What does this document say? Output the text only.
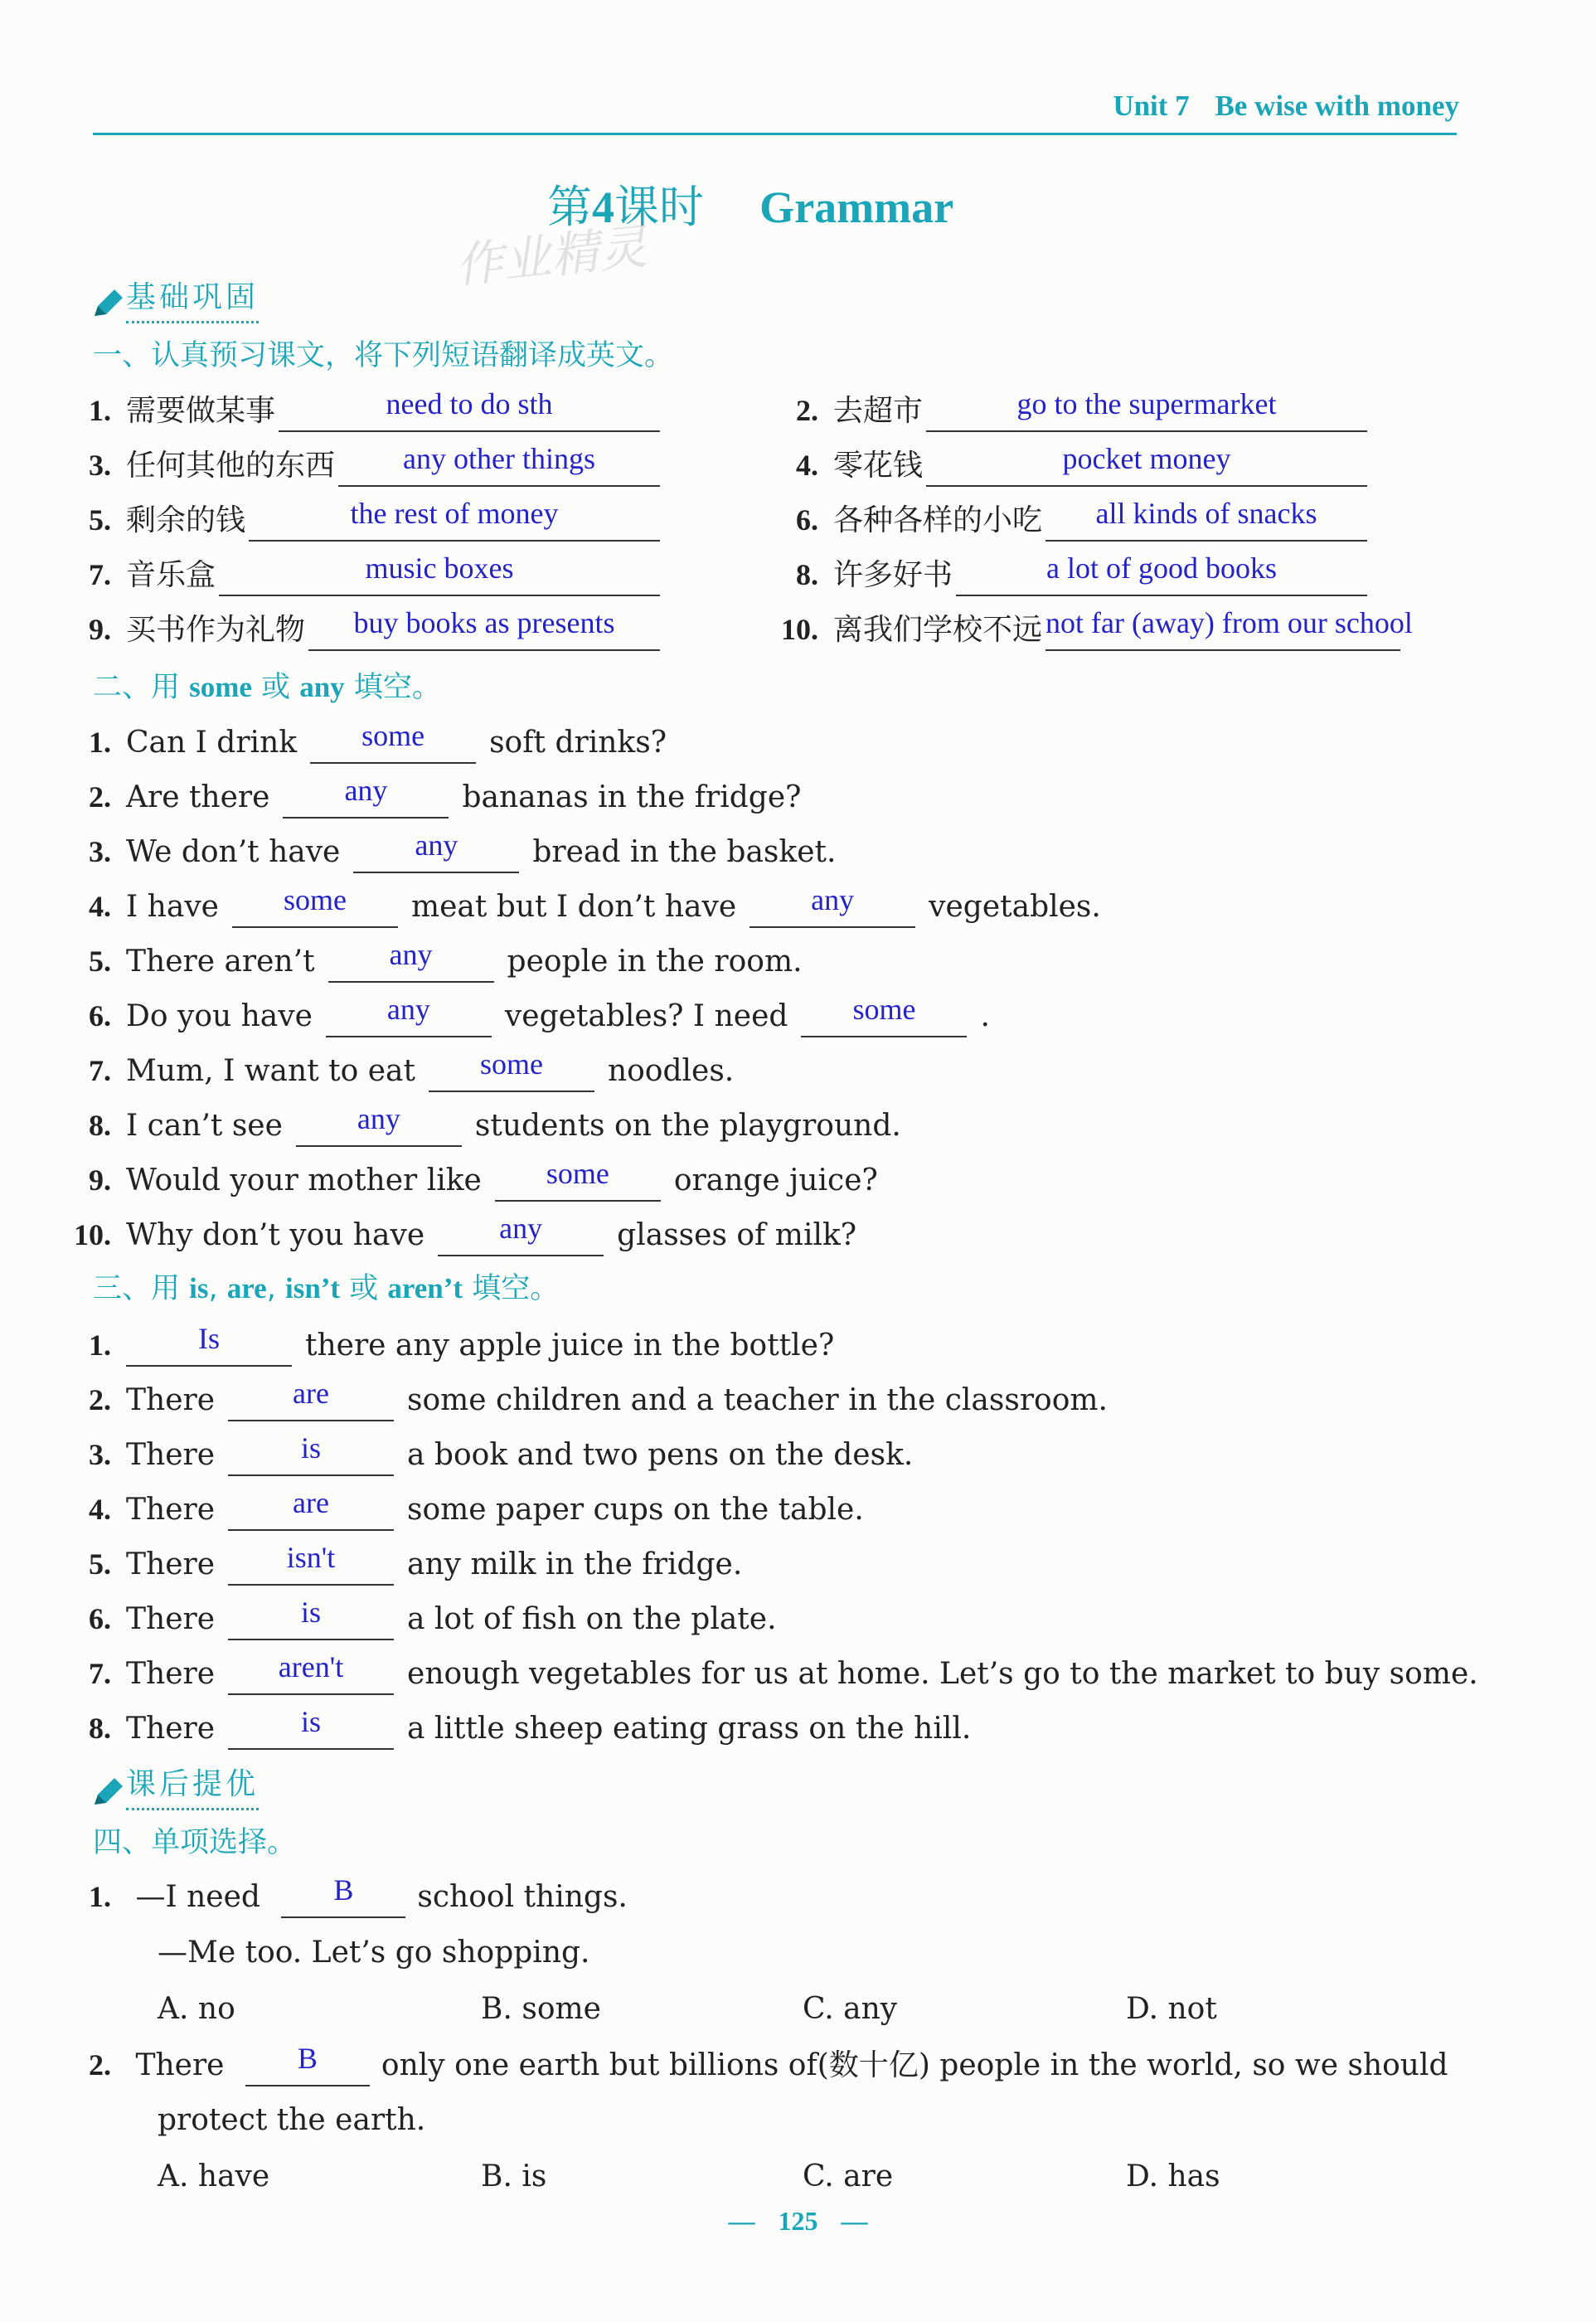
Unit 7 Be wise with money
第4课时 Grammar
作业精灵
基础巩固
一、认真预习课文，将下列短语翻译成英文。
1. 需要做某事	need to do sth	2. 去超市	go to the supermarket
3. 任何其他的东西 any other things	4. 零花钱	pocket money
5. 剩余的钱	the rest of money	6. 各种各样的小吃 all kinds of snacks
7. 音乐盒	music boxes	8. 许多好书	a lot of good books
9. 买书作为礼物 buy books as presents	10. 离我们学校不远 not far (away) from our school
二、用 some 或 any 填空。
1. Can I drink some soft drinks?
2. Are there	any	bananas in the fridge?
3. We don’t have	any	bread in the basket.
4. I have some meat but I don’t have	any	vegetables.
5. There aren’t	any	people in the room.
6. Do you have	any	vegetables? I need some .
7. Mum, I want to eat some noodles.
8. I can’t see	any	students on the playground.
9. Would your mother like some orange juice?
10. Why don’t you have	any	glasses of milk?
三、用 is, are, isn’t 或 aren’t 填空。
1.	Is	there any apple juice in the bottle?
2. There	are	some children and a teacher in the classroom.
3. There	is	a book and two pens on the desk.
4. There	are	some paper cups on the table.
5. There isn't any milk in the fridge.
6. There	is	a lot of fish on the plate.
7. There aren't enough vegetables for us at home. Let’s go to the market to buy some.
8. There	is	a little sheep eating grass on the hill.
课后提优
四、单项选择。
1. —I need B school things.
—Me too. Let’s go shopping.
A. no	B. some	C. any	D. not
2. There B only one earth but billions of(数十亿) people in the world, so we should
protect the earth.
A. have	B. is	C. are	D. has
— 125 —
